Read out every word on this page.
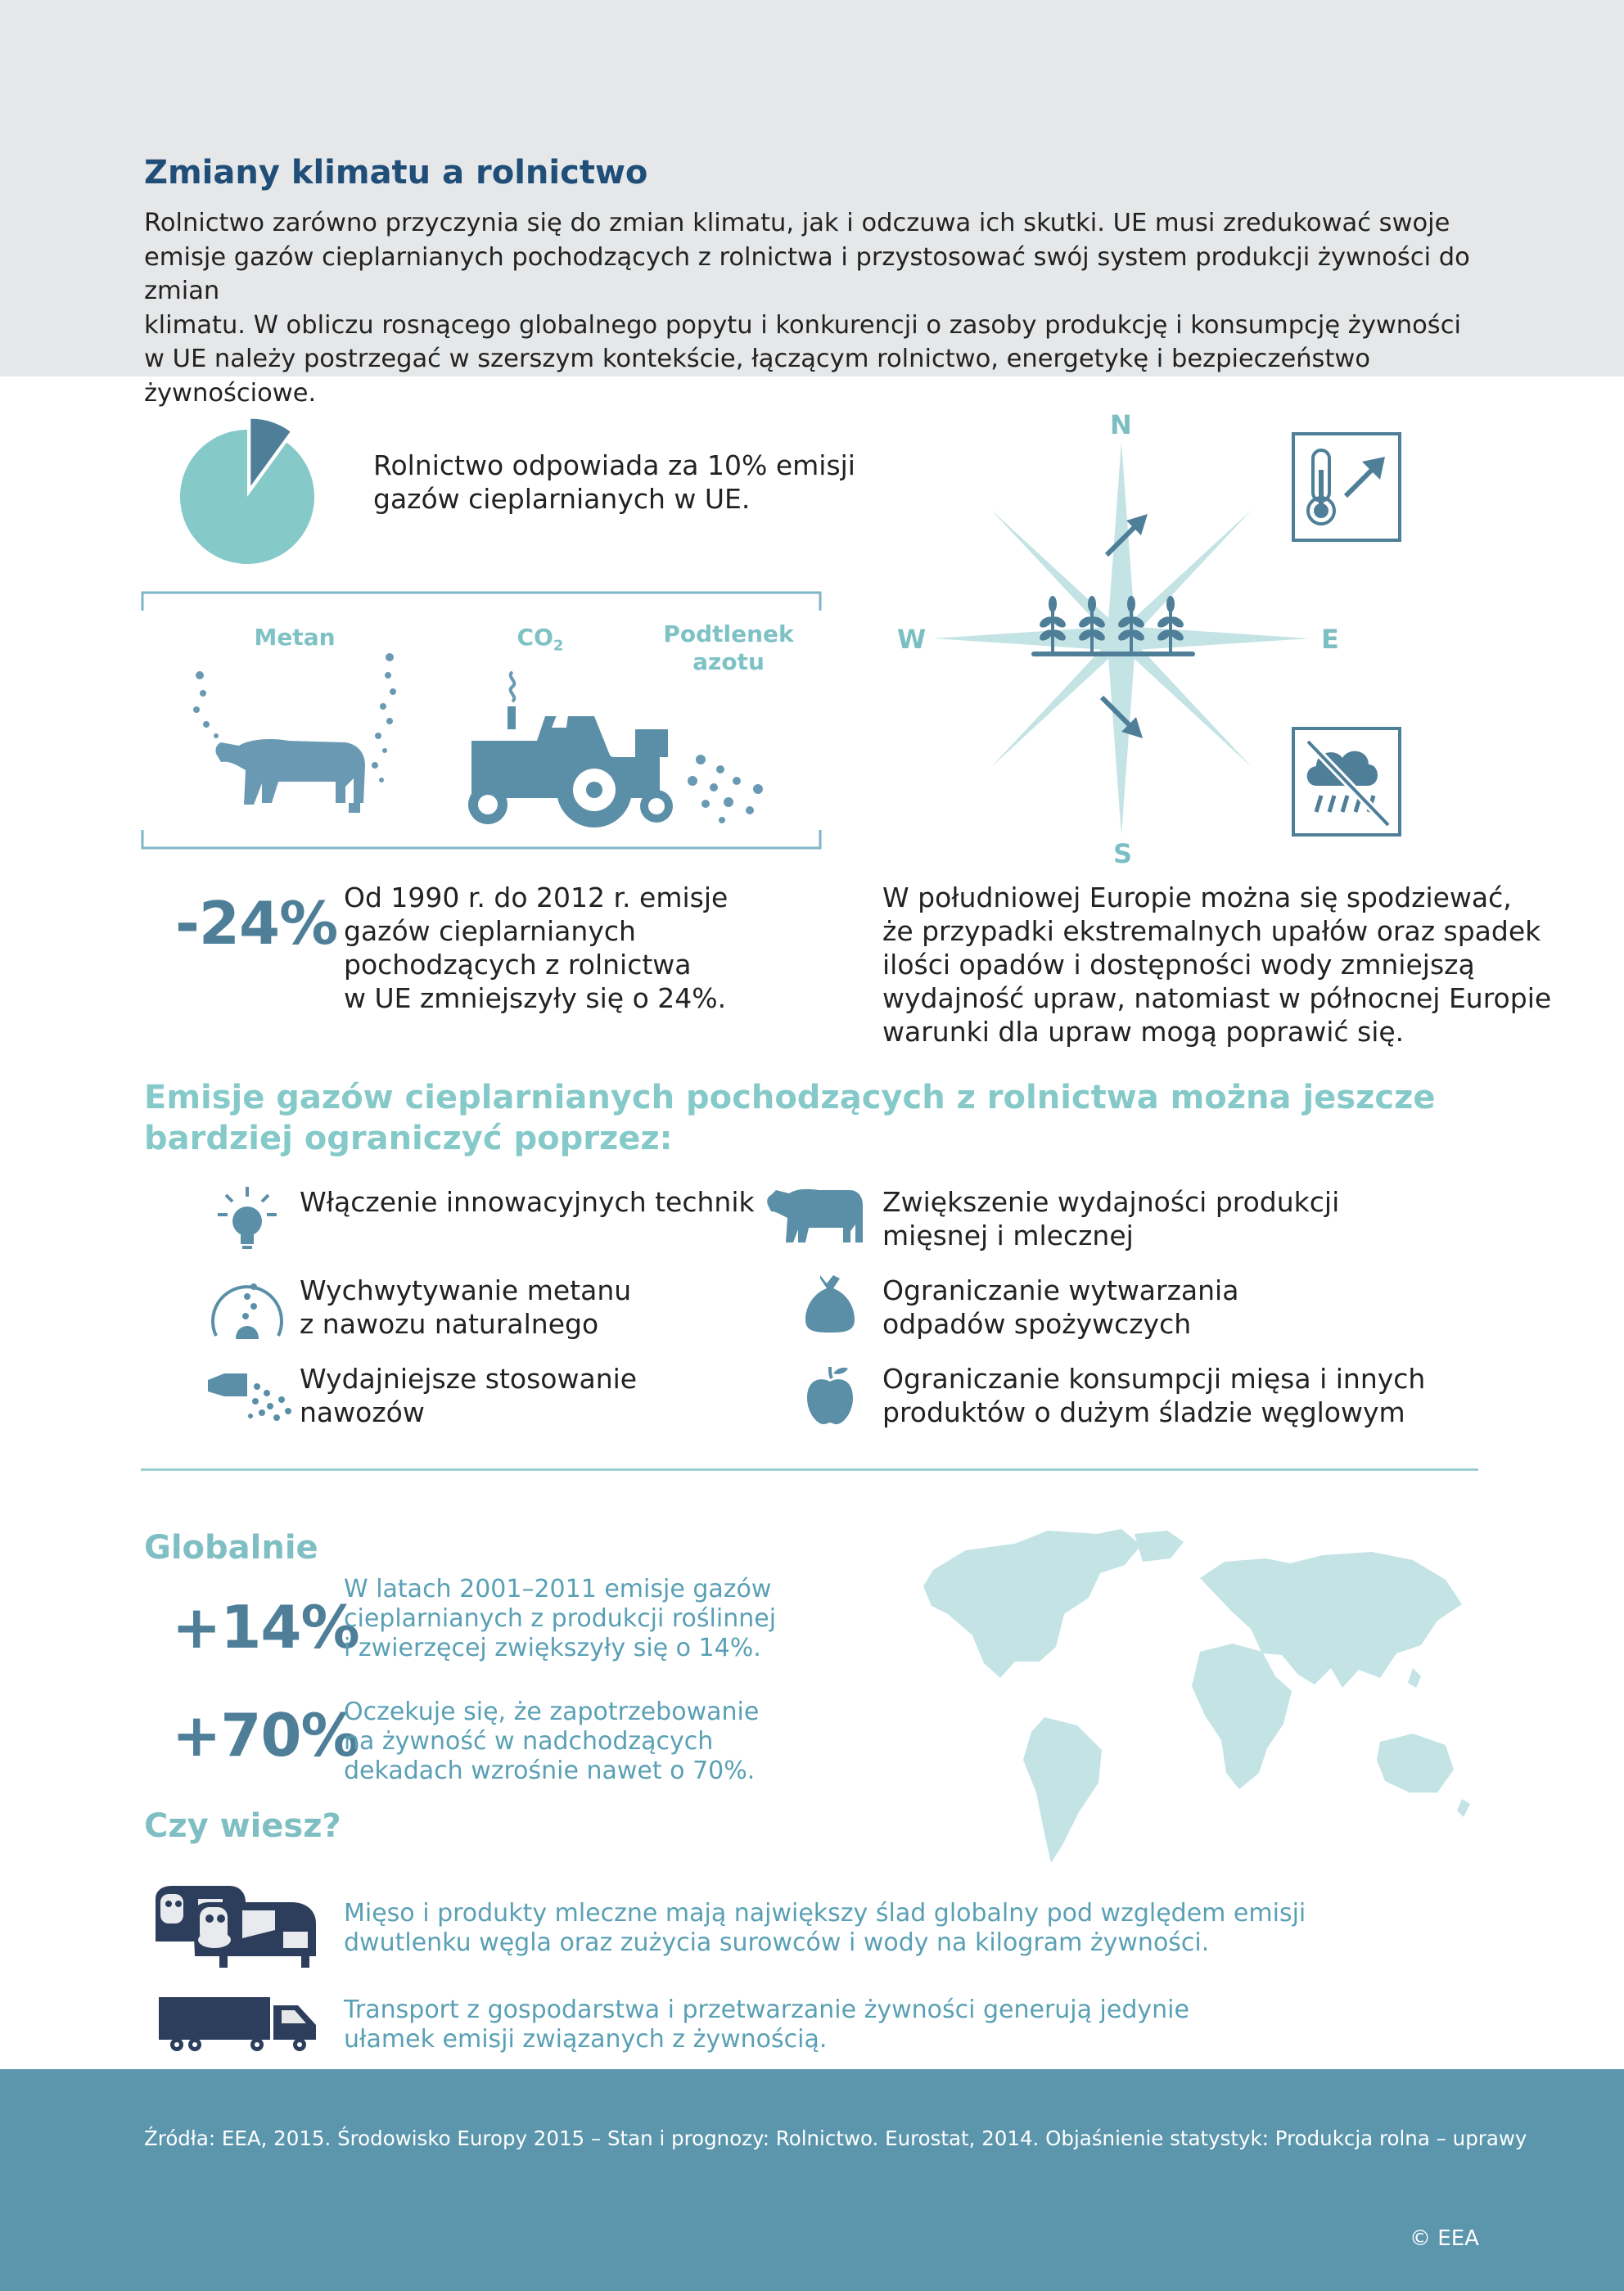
Zmiany klimatu a rolnictwo
Rolnictwo zarówno przyczynia się do zmian klimatu, jak i odczuwa ich skutki. UE musi zredukować swoje
emisje gazów cieplarnianych pochodzących z rolnictwa i przystosować swój system produkcji żywności do zmian
klimatu. W obliczu rosnącego globalnego popytu i konkurencji o zasoby produkcję i konsumpcję żywności
w UE należy postrzegać w szerszym kontekście, łączącym rolnictwo, energetykę i bezpieczeństwo żywnościowe.
Rolnictwo odpowiada za 10% emisji
gazów cieplarnianych w UE.
Metan	$CO_2$	Podtlenek
azotu
-24% Od 1990 r. do 2012 r. emisje
gazów cieplarnianych
pochodzących z rolnictwa
w UE zmniejszyły się o 24%.
N
S
W	E
W południowej Europie można się spodziewać,
że przypadki ekstremalnych upałów oraz spadek
ilości opadów i dostępności wody zmniejszą
wydajność upraw, natomiast w północnej Europie
warunki dla upraw mogą poprawić się.
Emisje gazów cieplarnianych pochodzących z rolnictwa można jeszcze
bardziej ograniczyć poprzez:
Włączenie innowacyjnych technik	Zwiększenie wydajności produkcji
mięsnej i mlecznej
Wychwytywanie metanu
z nawozu naturalnego
Ograniczanie wytwarzania
odpadów spożywczych
Wydajniejsze stosowanie
nawozów
Ograniczanie konsumpcji mięsa i innych
produktów o dużym śladzie węglowym
Globalnie
+14%
W latach 2001–2011 emisje gazów
cieplarnianych z produkcji roślinnej
i zwierzęcej zwiększyły się o 14%.
+70%
Oczekuje się, że zapotrzebowanie
na żywność w nadchodzących
dekadach wzrośnie nawet o 70%.
Czy wiesz?
Mięso i produkty mleczne mają największy ślad globalny pod względem emisji
dwutlenku węgla oraz zużycia surowców i wody na kilogram żywności.
Transport z gospodarstwa i przetwarzanie żywności generują jedynie
ułamek emisji związanych z żywnością.
Źródła: EEA, 2015. Środowisko Europy 2015 – Stan i prognozy: Rolnictwo. Eurostat, 2014. Objaśnienie statystyk: Produkcja rolna – uprawy
© EEA
